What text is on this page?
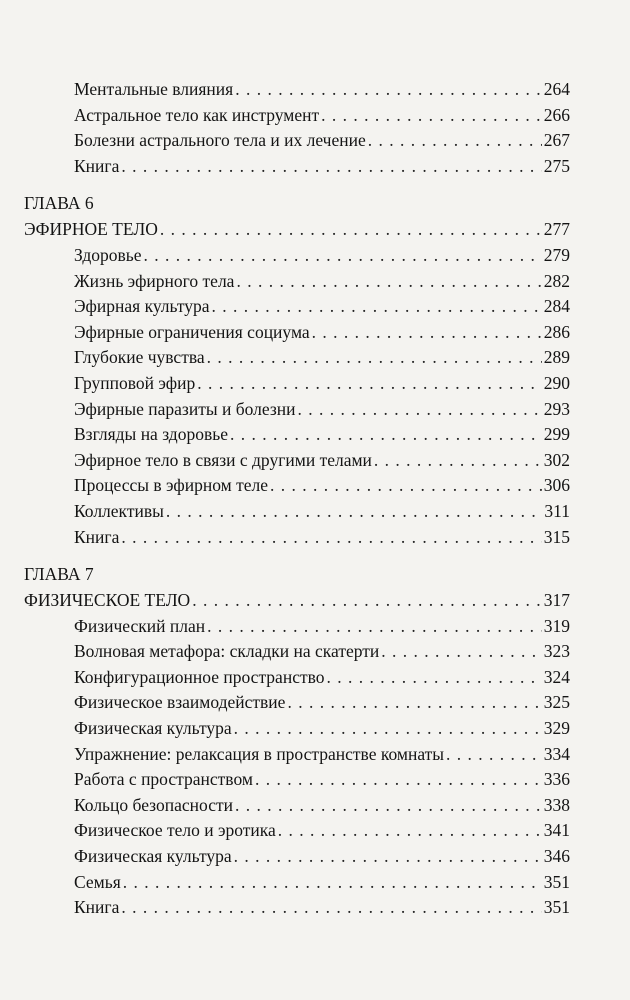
Ментальные влияния . . .	264
Астральное тело как инструмент . . .	266
Болезни астрального тела и их лечение . . .	267
Книга . . .	275
ГЛАВА 6
ЭФИРНОЕ ТЕЛО . . .	277
Здоровье . . .	279
Жизнь эфирного тела . . .	282
Эфирная культура . . .	284
Эфирные ограничения социума . . .	286
Глубокие чувства . . .	289
Групповой эфир . . .	290
Эфирные паразиты и болезни . . .	293
Взгляды на здоровье . . .	299
Эфирное тело в связи с другими телами . . .	302
Процессы в эфирном теле . . .	306
Коллективы . . .	311
Книга . . .	315
ГЛАВА 7
ФИЗИЧЕСКОЕ ТЕЛО . . .	317
Физический план . . .	319
Волновая метафора: складки на скатерти . . .	323
Конфигурационное пространство . . .	324
Физическое взаимодействие . . .	325
Физическая культура . . .	329
Упражнение: релаксация в пространстве комнаты . . .	334
Работа с пространством . . .	336
Кольцо безопасности . . .	338
Физическое тело и эротика . . .	341
Физическая культура . . .	346
Семья . . .	351
Книга . . .	351
